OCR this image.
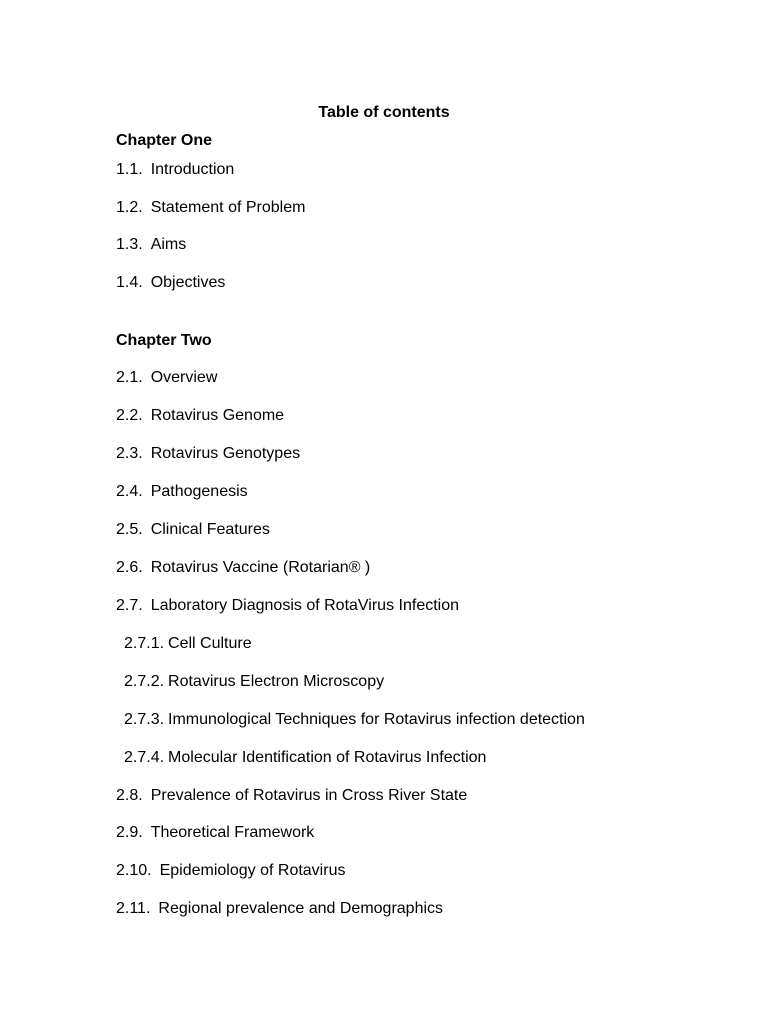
Table of contents
Chapter One
1.1. Introduction
1.2. Statement of Problem
1.3. Aims
1.4. Objectives
Chapter Two
2.1. Overview
2.2. Rotavirus Genome
2.3. Rotavirus Genotypes
2.4. Pathogenesis
2.5. Clinical Features
2.6. Rotavirus Vaccine (Rotarian® )
2.7. Laboratory Diagnosis of RotaVirus Infection
2.7.1. Cell Culture
2.7.2. Rotavirus Electron Microscopy
2.7.3. Immunological Techniques for Rotavirus infection detection
2.7.4. Molecular Identification of Rotavirus Infection
2.8. Prevalence of Rotavirus in Cross River State
2.9. Theoretical Framework
2.10. Epidemiology of Rotavirus
2.11. Regional prevalence and Demographics
